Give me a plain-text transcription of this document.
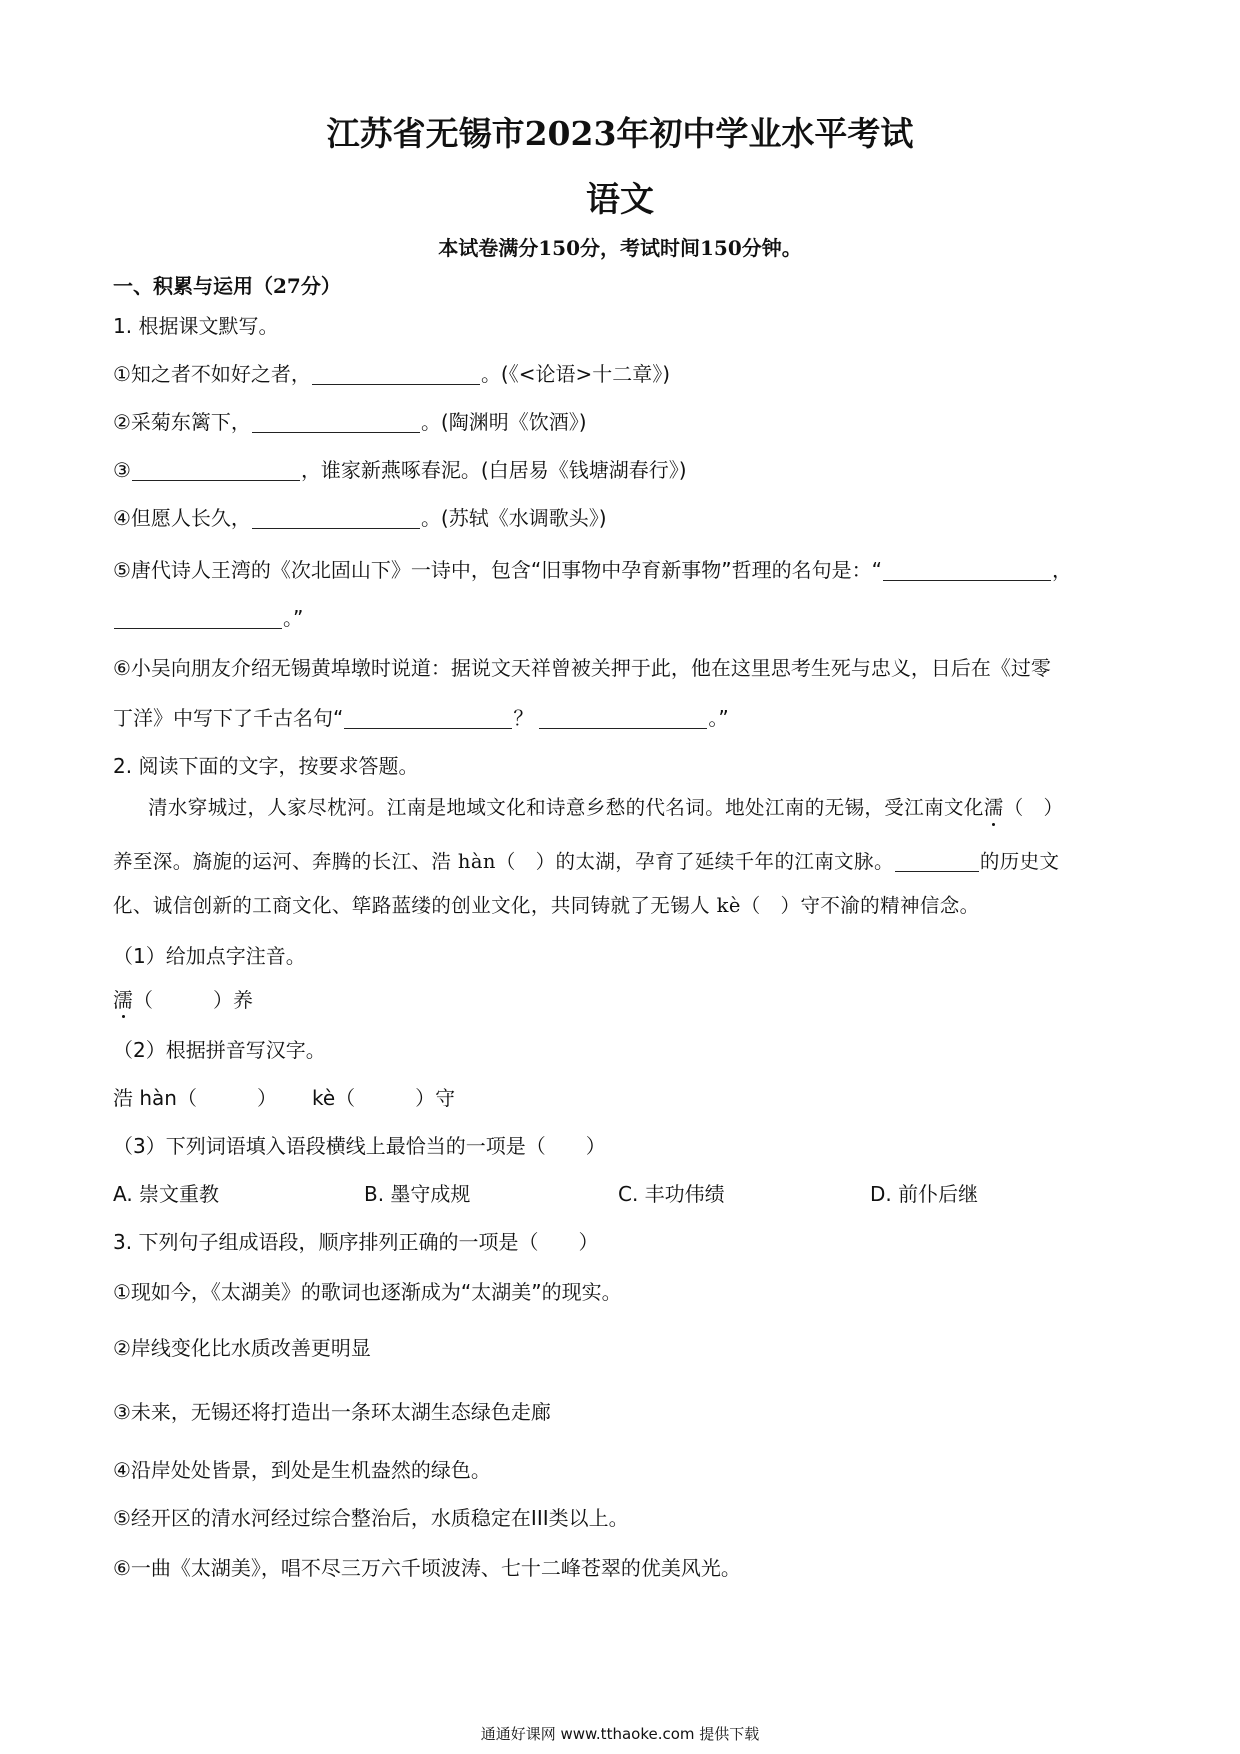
江苏省无锡市2023年初中学业水平考试
语文
本试卷满分150分，考试时间150分钟。
一、积累与运用（27分）
1. 根据课文默写。
①知之者不如好之者，	。(《<论语>十二章》)
②采菊东篱下，	。(陶渊明《饮酒》)
③	，谁家新燕啄春泥。(白居易《钱塘湖春行》)
④但愿人长久，	。(苏轼《水调歌头》)
⑤唐代诗人王湾的《次北固山下》一诗中，包含“旧事物中孕育新事物”哲理的名句是：“	，
。”
⑥小吴向朋友介绍无锡黄埠墩时说道：据说文天祥曾被关押于此，他在这里思考生死与忠义，日后在《过零
丁洋》中写下了千古名句“	？	。”
2. 阅读下面的文字，按要求答题。
清水穿城过，人家尽枕河。江南是地域文化和诗意乡愁的代名词。地处江南的无锡，受江南文化濡（　）
养至深。旖旎的运河、奔腾的长江、浩 hàn（　）的太湖，孕育了延续千年的江南文脉。	的历史文
化、诚信创新的工商文化、筚路蓝缕的创业文化，共同铸就了无锡人 kè（　）守不渝的精神信念。
（1）给加点字注音。
濡（　　　）养
（2）根据拼音写汉字。
浩 hàn（　　　） kè（　　　）守
（3）下列词语填入语段横线上最恰当的一项是（　　）
A. 崇文重教	B. 墨守成规	C. 丰功伟绩	D. 前仆后继
3. 下列句子组成语段，顺序排列正确的一项是（　　）
①现如今，《太湖美》的歌词也逐渐成为“太湖美”的现实。
②岸线变化比水质改善更明显
③未来，无锡还将打造出一条环太湖生态绿色走廊
④沿岸处处皆景，到处是生机盎然的绿色。
⑤经开区的清水河经过综合整治后，水质稳定在III类以上。
⑥一曲《太湖美》，唱不尽三万六千顷波涛、七十二峰苍翠的优美风光。
通通好课网 www.tthaoke.com 提供下载
